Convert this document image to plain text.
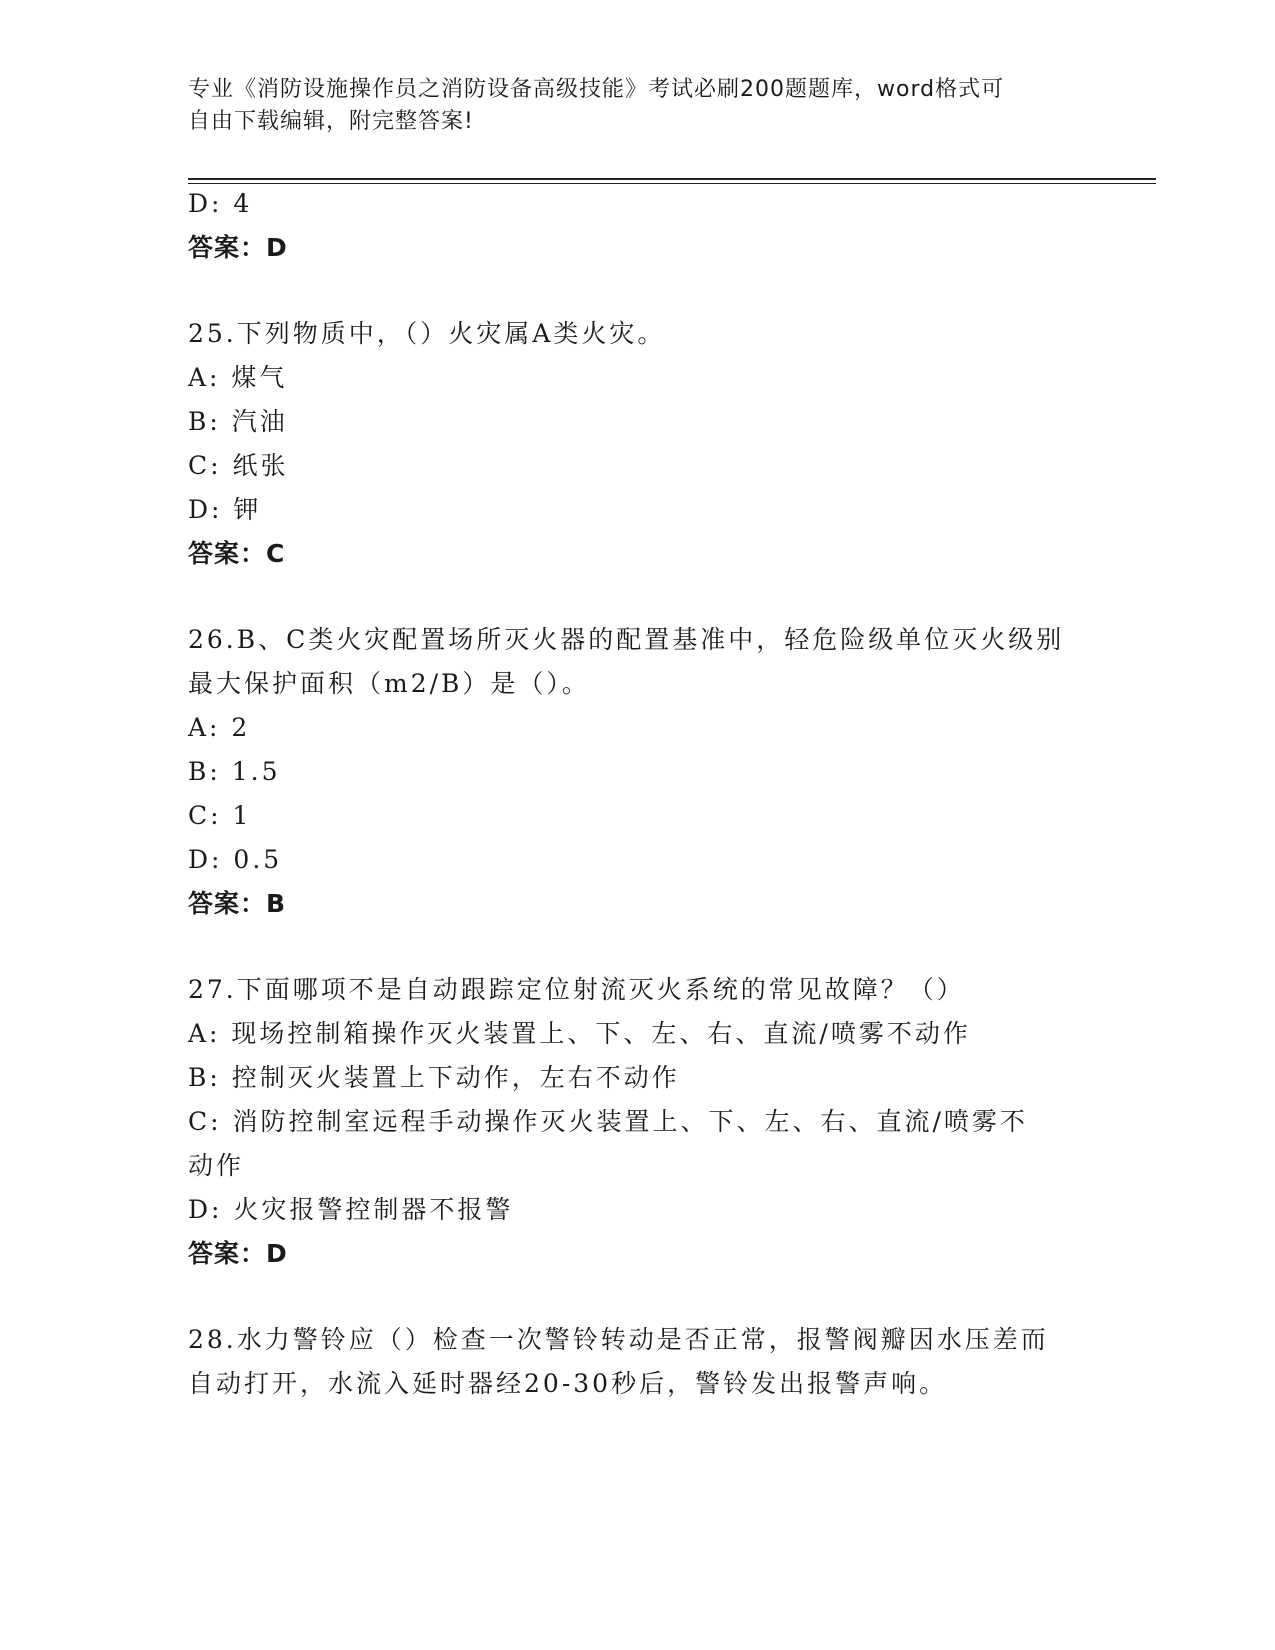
专业《消防设施操作员之消防设备高级技能》考试必刷200题题库，word格式可
自由下载编辑，附完整答案!
D: 4
答案：D
25.下列物质中，（）火灾属A类火灾。
A: 煤气
B: 汽油
C: 纸张
D: 钾
答案：C
26.B、C类火灾配置场所灭火器的配置基准中，轻危险级单位灭火级别
最大保护面积（m2/B）是（）。
A: 2
B: 1.5
C: 1
D: 0.5
答案：B
27.下面哪项不是自动跟踪定位射流灭火系统的常见故障？（）
A: 现场控制箱操作灭火装置上、下、左、右、直流/喷雾不动作
B: 控制灭火装置上下动作，左右不动作
C: 消防控制室远程手动操作灭火装置上、下、左、右、直流/喷雾不
动作
D: 火灾报警控制器不报警
答案：D
28.水力警铃应（）检查一次警铃转动是否正常，报警阀瓣因水压差而
自动打开，水流入延时器经20-30秒后，警铃发出报警声响。
